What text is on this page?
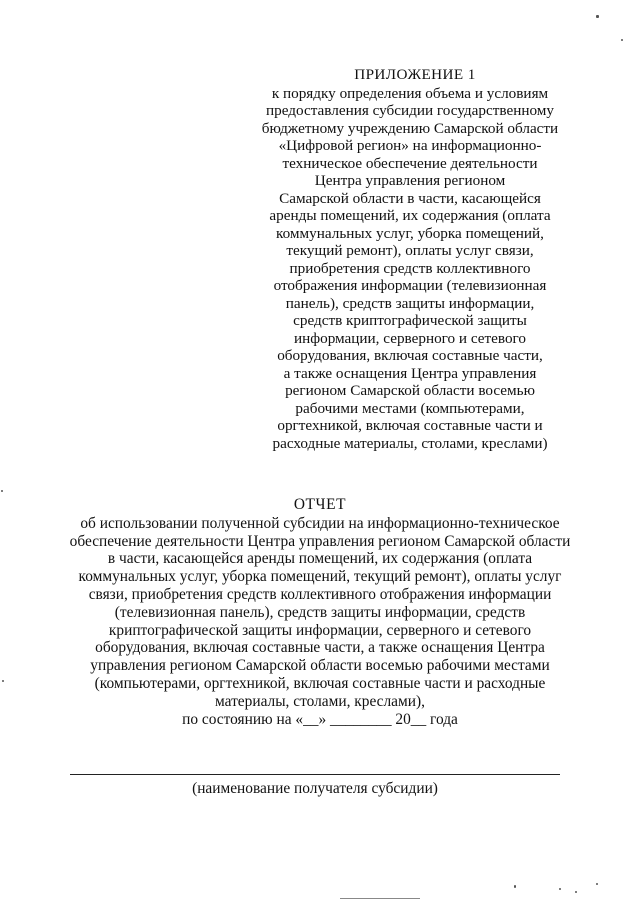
ПРИЛОЖЕНИЕ 1
к порядку определения объема и условиям
предоставления субсидии государственному
бюджетному учреждению Самарской области
«Цифровой регион» на информационно-
техническое обеспечение деятельности
Центра управления регионом
Самарской области в части, касающейся
аренды помещений, их содержания (оплата
коммунальных услуг, уборка помещений,
текущий ремонт), оплаты услуг связи,
приобретения средств коллективного
отображения информации (телевизионная
панель), средств защиты информации,
средств криптографической защиты
информации, серверного и сетевого
оборудования, включая составные части,
а также оснащения Центра управления
регионом Самарской области восемью
рабочими местами (компьютерами,
оргтехникой, включая составные части и
расходные материалы, столами, креслами)
ОТЧЕТ
об использовании полученной субсидии на информационно-техническое
обеспечение деятельности Центра управления регионом Самарской области
в части, касающейся аренды помещений, их содержания (оплата
коммунальных услуг, уборка помещений, текущий ремонт), оплаты услуг
связи, приобретения средств коллективного отображения информации
(телевизионная панель), средств защиты информации, средств
криптографической защиты информации, серверного и сетевого
оборудования, включая составные части, а также оснащения Центра
управления регионом Самарской области восемью рабочими местами
(компьютерами, оргтехникой, включая составные части и расходные
материалы, столами, креслами),
по состоянию на «__» ________ 20__ года
(наименование получателя субсидии)
